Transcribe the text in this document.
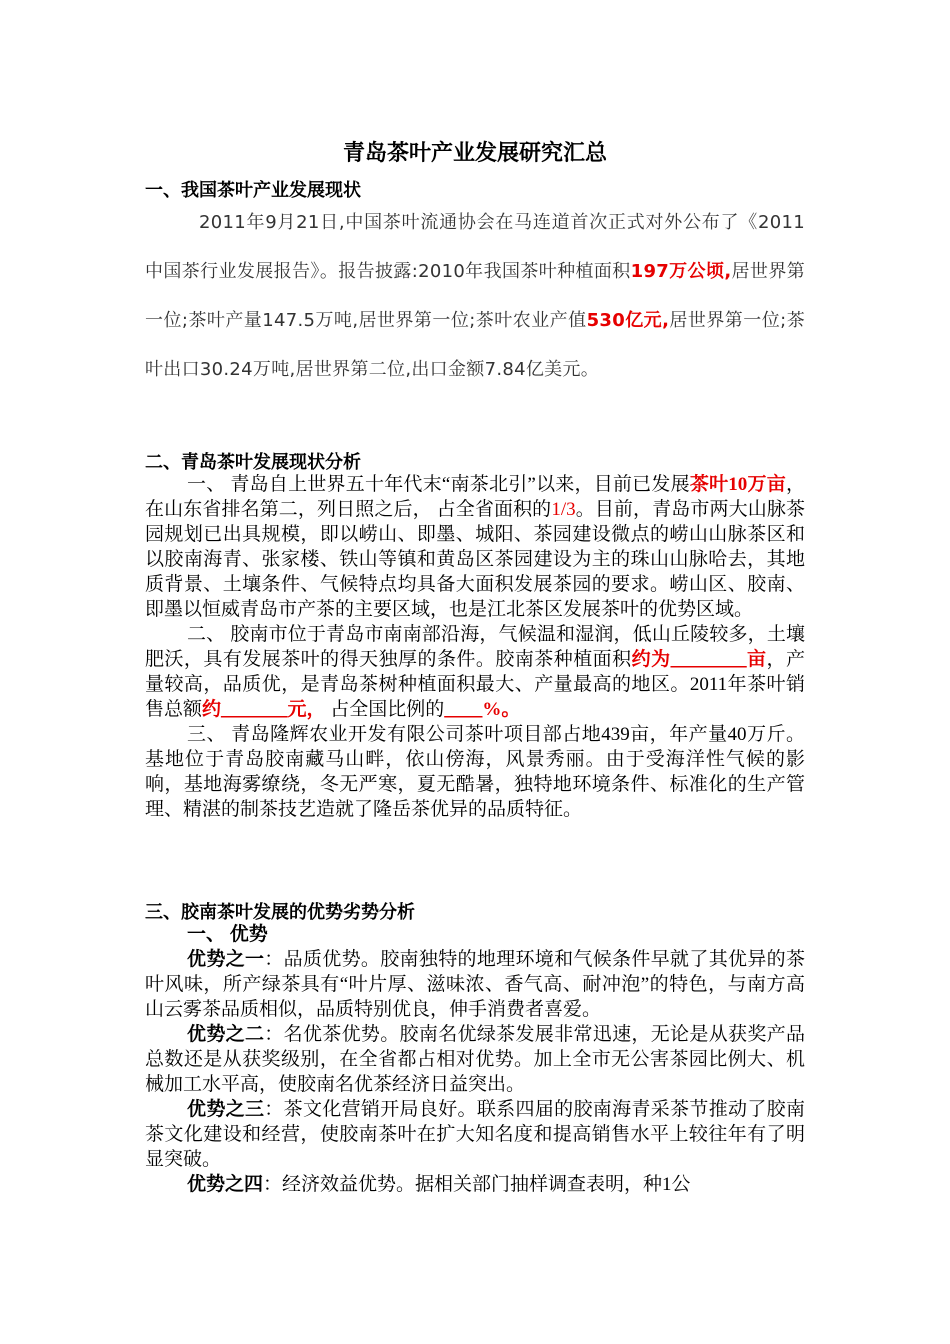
青岛茶叶产业发展研究汇总
一、我国茶叶产业发展现状

2011年9月21日,中国茶叶流通协会在马连道首次正式对外公布了《2011中国茶行业发展报告》。报告披露:2010年我国茶叶种植面积197万公顷,居世界第一位;茶叶产量147.5万吨,居世界第一位;茶叶农业产值530亿元,居世界第一位;茶叶出口30.24万吨,居世界第二位,出口金额7.84亿美元。

二、青岛茶叶发展现状分析

一、 青岛自上世界五十年代末“南茶北引”以来，目前已发展茶叶10万亩，在山东省排名第二，列日照之后， 占全省面积的1/3。目前，青岛市两大山脉茶园规划已出具规模，即以崂山、即墨、城阳、茶园建设微点的崂山山脉茶区和以胶南海青、张家楼、铁山等镇和黄岛区茶园建设为主的珠山山脉哈去，其地质背景、土壤条件、气候特点均具备大面积发展茶园的要求。崂山区、胶南、即墨以恒威青岛市产茶的主要区域，也是江北茶区发展茶叶的优势区域。

二、 胶南市位于青岛市南南部沿海，气候温和湿润，低山丘陵较多，土壤肥沃，具有发展茶叶的得天独厚的条件。胶南茶种植面积约为________亩，产量较高，品质优，是青岛茶树种植面积最大、产量最高的地区。2011年茶叶销售总额约_______元， 占全国比例的____%。

三、 青岛隆辉农业开发有限公司茶叶项目部占地439亩，年产量40万斤。基地位于青岛胶南藏马山畔，依山傍海，风景秀丽。由于受海洋性气候的影响，基地海雾缭绕，冬无严寒，夏无酷暑，独特地环境条件、标准化的生产管理、精湛的制茶技艺造就了隆岳茶优异的品质特征。

三、胶南茶叶发展的优势劣势分析

一、 优势

优势之一：品质优势。胶南独特的地理环境和气候条件早就了其优异的茶叶风味，所产绿茶具有“叶片厚、滋味浓、香气高、耐冲泡”的特色，与南方高山云雾茶品质相似，品质特别优良，伸手消费者喜爱。

优势之二：名优茶优势。胶南名优绿茶发展非常迅速，无论是从获奖产品总数还是从获奖级别，在全省都占相对优势。加上全市无公害茶园比例大、机械加工水平高，使胶南名优茶经济日益突出。

优势之三：茶文化营销开局良好。联系四届的胶南海青采茶节推动了胶南茶文化建设和经营，使胶南茶叶在扩大知名度和提高销售水平上较往年有了明显突破。

优势之四：经济效益优势。据相关部门抽样调查表明，种1公
